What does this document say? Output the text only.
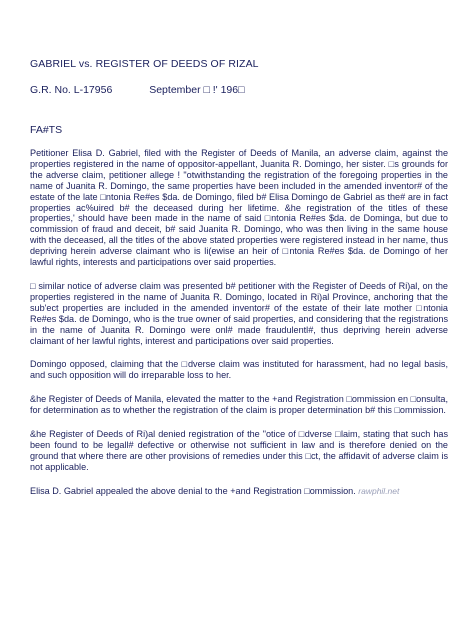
GABRIEL vs. REGISTER OF DEEDS OF RIZAL
G.R. No. L-17956	September □ !' 196□
FA#TS

Petitioner Elisa D. Gabriel, filed with the Register of Deeds of Manila, an adverse claim, against the properties registered in the name of oppositor-appellant, Juanita R. Domingo, her sister. □s grounds for the adverse claim, petitioner allege ! "otwithstanding the registration of the foregoing properties in the name of Juanita R. Domingo, the same properties have been included in the amended inventor# of the estate of the late □ntonia Re#es $da. de Domingo, filed b# Elisa Domingo de Gabriel as the# are in fact properties ac%uired b# the deceased during her lifetime. &he registration of the titles of these properties,' should have been made in the name of said □ntonia Re#es $da. de Dominga, but due to commission of fraud and deceit, b# said Juanita R. Domingo, who was then living in the same house with the deceased, all the titles of the above stated properties were registered instead in her name, thus depriving herein adverse claimant who is li(ewise an heir of □ntonia Re#es $da. de Domingo of her lawful rights, interests and participations over said properties.

□ similar notice of adverse claim was presented b# petitioner with the Register of Deeds of Ri)al, on the properties registered in the name of Juanita R. Domingo, located in Ri)al Province, anchoring that the sub'ect properties are included in the amended inventor# of the estate of their late mother □ntonia Re#es $da. de Domingo, who is the true owner of said properties, and considering that the registrations in the name of Juanita R. Domingo were onl# made fraudulentl#, thus depriving herein adverse claimant of her lawful rights, interest and participations over said properties.

Domingo opposed, claiming that the □dverse claim was instituted for harassment, had no legal basis, and such opposition will do irreparable loss to her.

&he Register of Deeds of Manila, elevated the matter to the +and Registration □ommission en □onsulta, for determination as to whether the registration of the claim is proper determination b# this □ommission.

&he Register of Deeds of Ri)al denied registration of the "otice of □dverse □laim, stating that such has been found to be legall# defective or otherwise not sufficient in law and is therefore denied on the ground that where there are other provisions of remedies under this □ct, the affidavit of adverse claim is not applicable.

Elisa D. Gabriel appealed the above denial to the +and Registration □ommission. rawphil.net
